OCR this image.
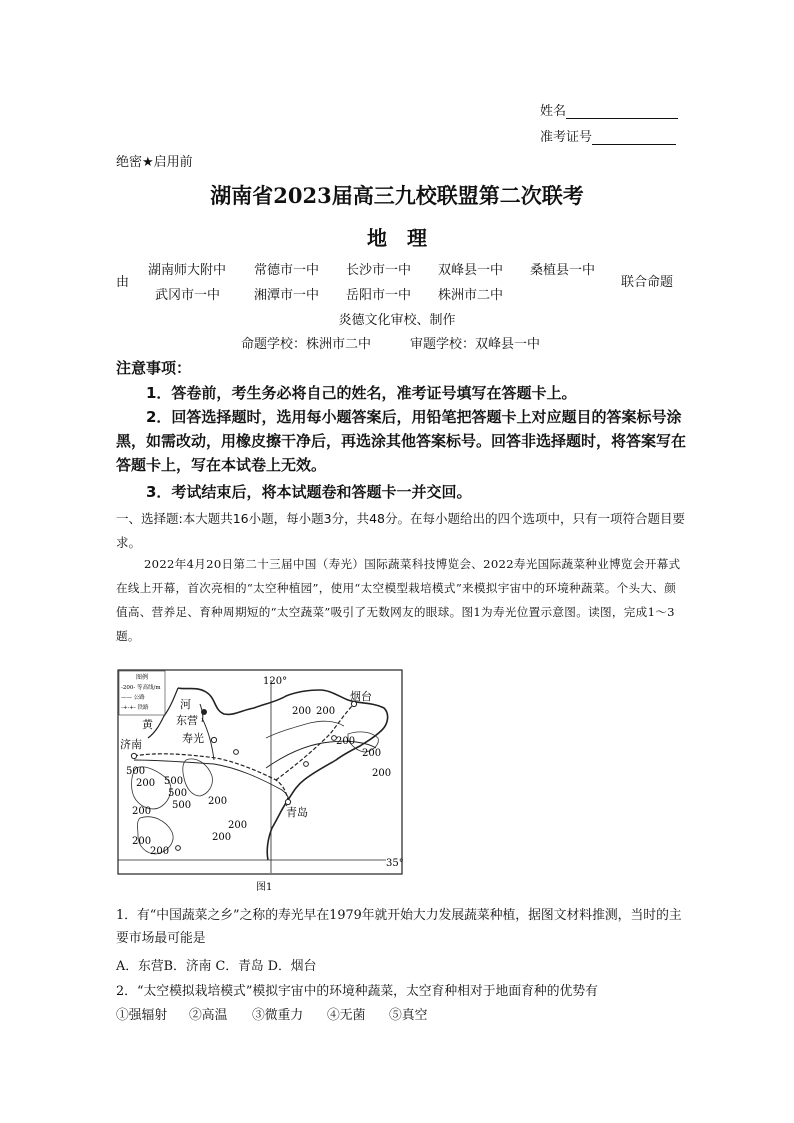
姓名
准考证号
绝密★启用前
湖南省2023届高三九校联盟第二次联考
地　理
由
湖南师大附中 常德市一中 长沙市一中 双峰县一中 桑植县一中
武冈市一中	湘潭市一中 岳阳市一中 株洲市二中
联合命题
炎德文化审校、制作
命题学校：株洲市二中	审题学校：双峰县一中
注意事项：
1．答卷前，考生务必将自己的姓名，准考证号填写在答题卡上。
2．回答选择题时，选用每小题答案后，用铅笔把答题卡上对应题目的答案标号涂黑，如需改动，用橡皮擦干净后，再选涂其他答案标号。回答非选择题时，将答案写在答题卡上，写在本试卷上无效。
3．考试结束后，将本试题卷和答题卡一并交回。
一、选择题:本大题共16小题，每小题3分，共48分。在每小题给出的四个选项中，只有一项符合题目要求。
2022年4月20日第二十三届中国（寿光）国际蔬菜科技博览会、2022寿光国际蔬菜种业博览会开幕式在线上开幕，首次亮相的“太空种植园”，使用“太空模型栽培模式”来模拟宇宙中的环境种蔬菜。个头大、颜值高、营养足、育种周期短的“太空蔬菜”吸引了无数网友的眼球。图1为寿光位置示意图。读图，完成1～3题。
图例
-200- 等高线/m
—— 公路
-+-+- 铁路
120°
35°
河
东营
寿光
黄
济南
烟台
青岛
200 200
200
200
200
500
500
500
500
200
200
200
200
200
200
200
图1
1．有“中国蔬菜之乡”之称的寿光早在1979年就开始大力发展蔬菜种植，据图文材料推测，当时的主要市场最可能是
A．东营B．济南 C．青岛 D．烟台
2．“太空模拟栽培模式”模拟宇宙中的环境种蔬菜，太空育种相对于地面育种的优势有
①强辐射 ②高温 ③微重力 ④无菌 ⑤真空
